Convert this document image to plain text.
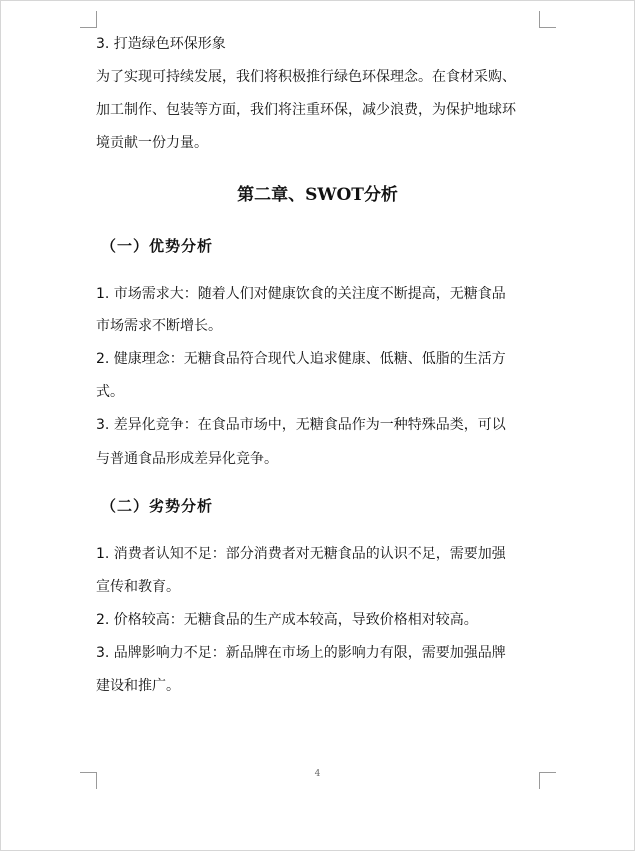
3. 打造绿色环保形象
为了实现可持续发展，我们将积极推行绿色环保理念。在食材采购、
加工制作、包装等方面，我们将注重环保，减少浪费，为保护地球环
境贡献一份力量。
第二章、SWOT分析
（一）优势分析
1. 市场需求大：随着人们对健康饮食的关注度不断提高，无糖食品
市场需求不断增长。
2. 健康理念：无糖食品符合现代人追求健康、低糖、低脂的生活方
式。
3. 差异化竞争：在食品市场中，无糖食品作为一种特殊品类，可以
与普通食品形成差异化竞争。
（二）劣势分析
1. 消费者认知不足：部分消费者对无糖食品的认识不足，需要加强
宣传和教育。
2. 价格较高：无糖食品的生产成本较高，导致价格相对较高。
3. 品牌影响力不足：新品牌在市场上的影响力有限，需要加强品牌
建设和推广。
4
